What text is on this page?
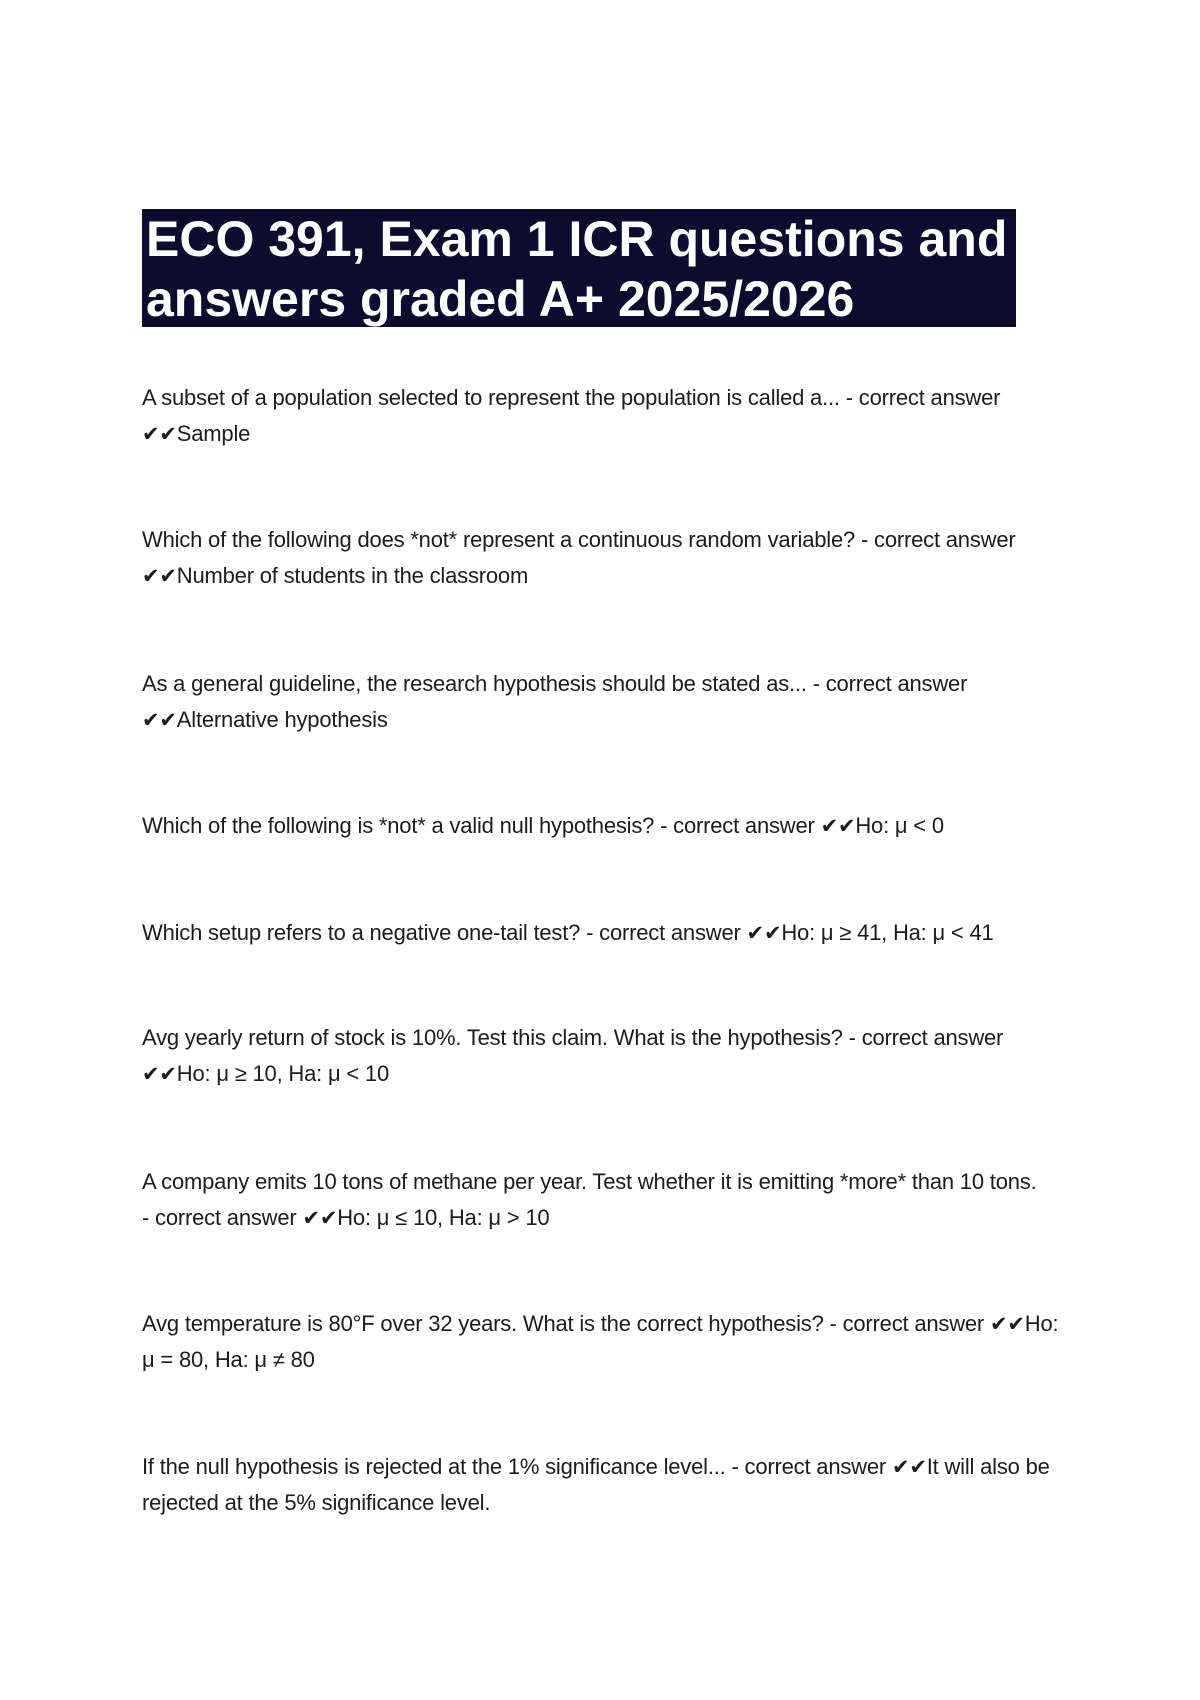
ECO 391, Exam 1 ICR questions and
answers graded A+ 2025/2026
A subset of a population selected to represent the population is called a... - correct answer
✔✔Sample
Which of the following does *not* represent a continuous random variable? - correct answer
✔✔Number of students in the classroom
As a general guideline, the research hypothesis should be stated as... - correct answer
✔✔Alternative hypothesis
Which of the following is *not* a valid null hypothesis? - correct answer ✔✔Ho: μ < 0
Which setup refers to a negative one-tail test? - correct answer ✔✔Ho: μ ≥ 41, Ha: μ < 41
Avg yearly return of stock is 10%. Test this claim. What is the hypothesis? - correct answer
✔✔Ho: μ ≥ 10, Ha: μ < 10
A company emits 10 tons of methane per year. Test whether it is emitting *more* than 10 tons.
- correct answer ✔✔Ho: μ ≤ 10, Ha: μ > 10
Avg temperature is 80°F over 32 years. What is the correct hypothesis? - correct answer ✔✔Ho: μ = 80, Ha: μ ≠ 80
If the null hypothesis is rejected at the 1% significance level... - correct answer ✔✔It will also be rejected at the 5% significance level.
